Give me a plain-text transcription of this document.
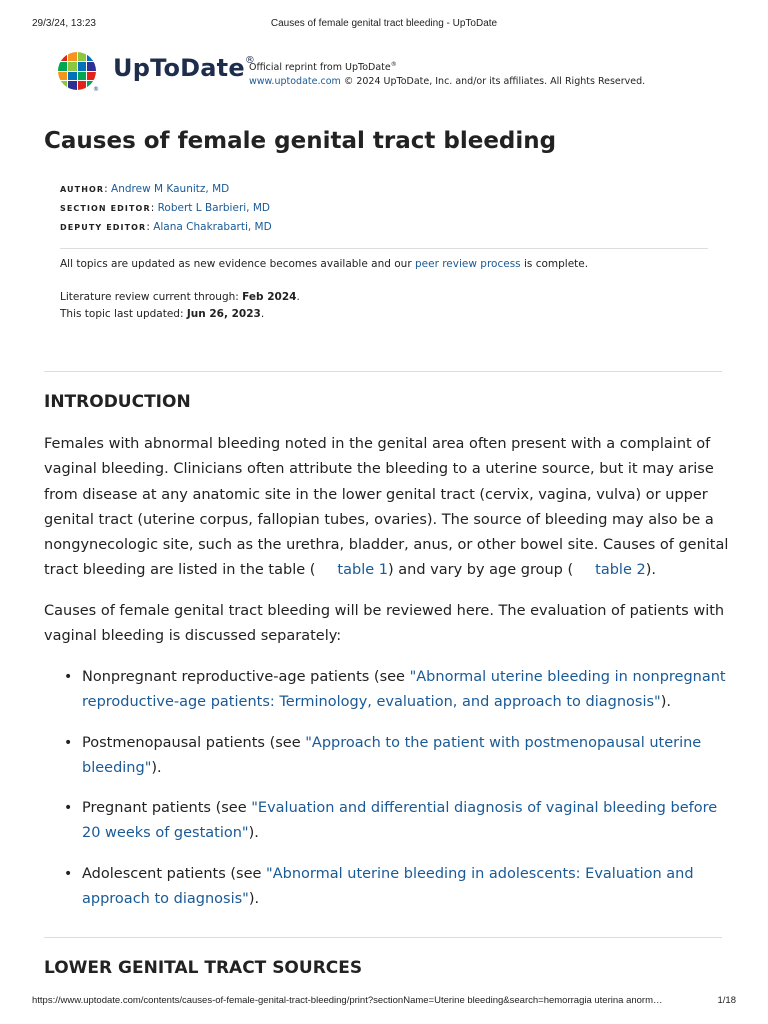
29/3/24, 13:23	Causes of female genital tract bleeding - UpToDate
®
UpToDate®
Official reprint from UpToDate®
www.uptodate.com © 2024 UpToDate, Inc. and/or its affiliates. All Rights Reserved.
Causes of female genital tract bleeding
AUTHOR: Andrew M Kaunitz, MD
SECTION EDITOR: Robert L Barbieri, MD
DEPUTY EDITOR: Alana Chakrabarti, MD
All topics are updated as new evidence becomes available and our peer review process is complete.
Literature review current through: Feb 2024.
This topic last updated: Jun 26, 2023.
INTRODUCTION

Females with abnormal bleeding noted in the genital area often present with a complaint of vaginal bleeding. Clinicians often attribute the bleeding to a uterine source, but it may arise from disease at any anatomic site in the lower genital tract (cervix, vagina, vulva) or upper genital tract (uterine corpus, fallopian tubes, ovaries). The source of bleeding may also be a nongynecologic site, such as the urethra, bladder, anus, or other bowel site. Causes of genital tract bleeding are listed in the table ( table 1) and vary by age group ( table 2).

Causes of female genital tract bleeding will be reviewed here. The evaluation of patients with vaginal bleeding is discussed separately:

• Nonpregnant reproductive-age patients (see "Abnormal uterine bleeding in nonpregnant reproductive-age patients: Terminology, evaluation, and approach to diagnosis").
• Postmenopausal patients (see "Approach to the patient with postmenopausal uterine bleeding").
• Pregnant patients (see "Evaluation and differential diagnosis of vaginal bleeding before 20 weeks of gestation").
• Adolescent patients (see "Abnormal uterine bleeding in adolescents: Evaluation and approach to diagnosis").
LOWER GENITAL TRACT SOURCES
https://www.uptodate.com/contents/causes-of-female-genital-tract-bleeding/print?sectionName=Uterine bleeding&search=hemorragia uterina anorm…	1/18
